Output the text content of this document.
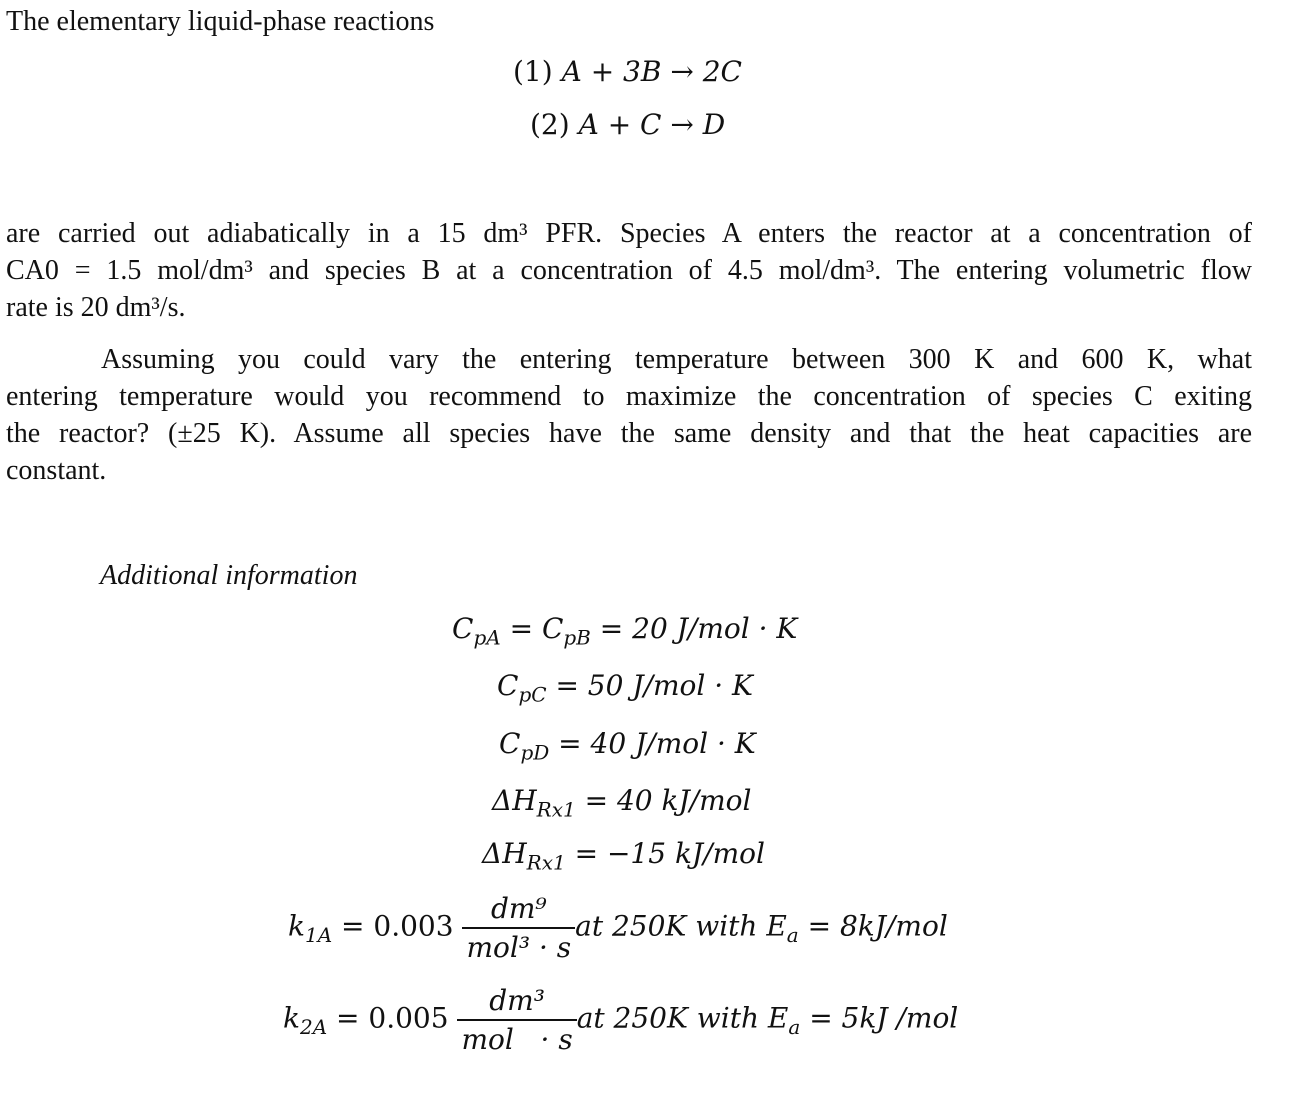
The elementary liquid-phase reactions
(1) A + 3B → 2C
(2) A + C → D
are carried out adiabatically in a 15 dm³ PFR. Species A enters the reactor at a concentration of
CA0 = 1.5 mol/dm³ and species B at a concentration of 4.5 mol/dm³. The entering volumetric flow
rate is 20 dm³/s.
Assuming you could vary the entering temperature between 300 K and 600 K, what
entering temperature would you recommend to maximize the concentration of species C exiting
the reactor? (±25 K). Assume all species have the same density and that the heat capacities are
constant.
Additional information
$C_{pA} = C_{pB} = 20$ J/mol · K
$C_{pC} = 50$ J/mol · K
$C_{pD} = 40$ J/mol · K
$\Delta H_{Rx1} = 40$ kJ/mol
$\Delta H_{Rx1} = -15$ kJ/mol
$k_{1A} = 0.003 \frac{\text{dm⁹}}{\text{mol³ · s}}$ at 250K with $E_a = 8kJ/mol$
$k_{2A} = 0.005 \frac{\text{dm³}}{\text{mol   · s}}$ at 250K with $E_a = 5kJ$ /mol
